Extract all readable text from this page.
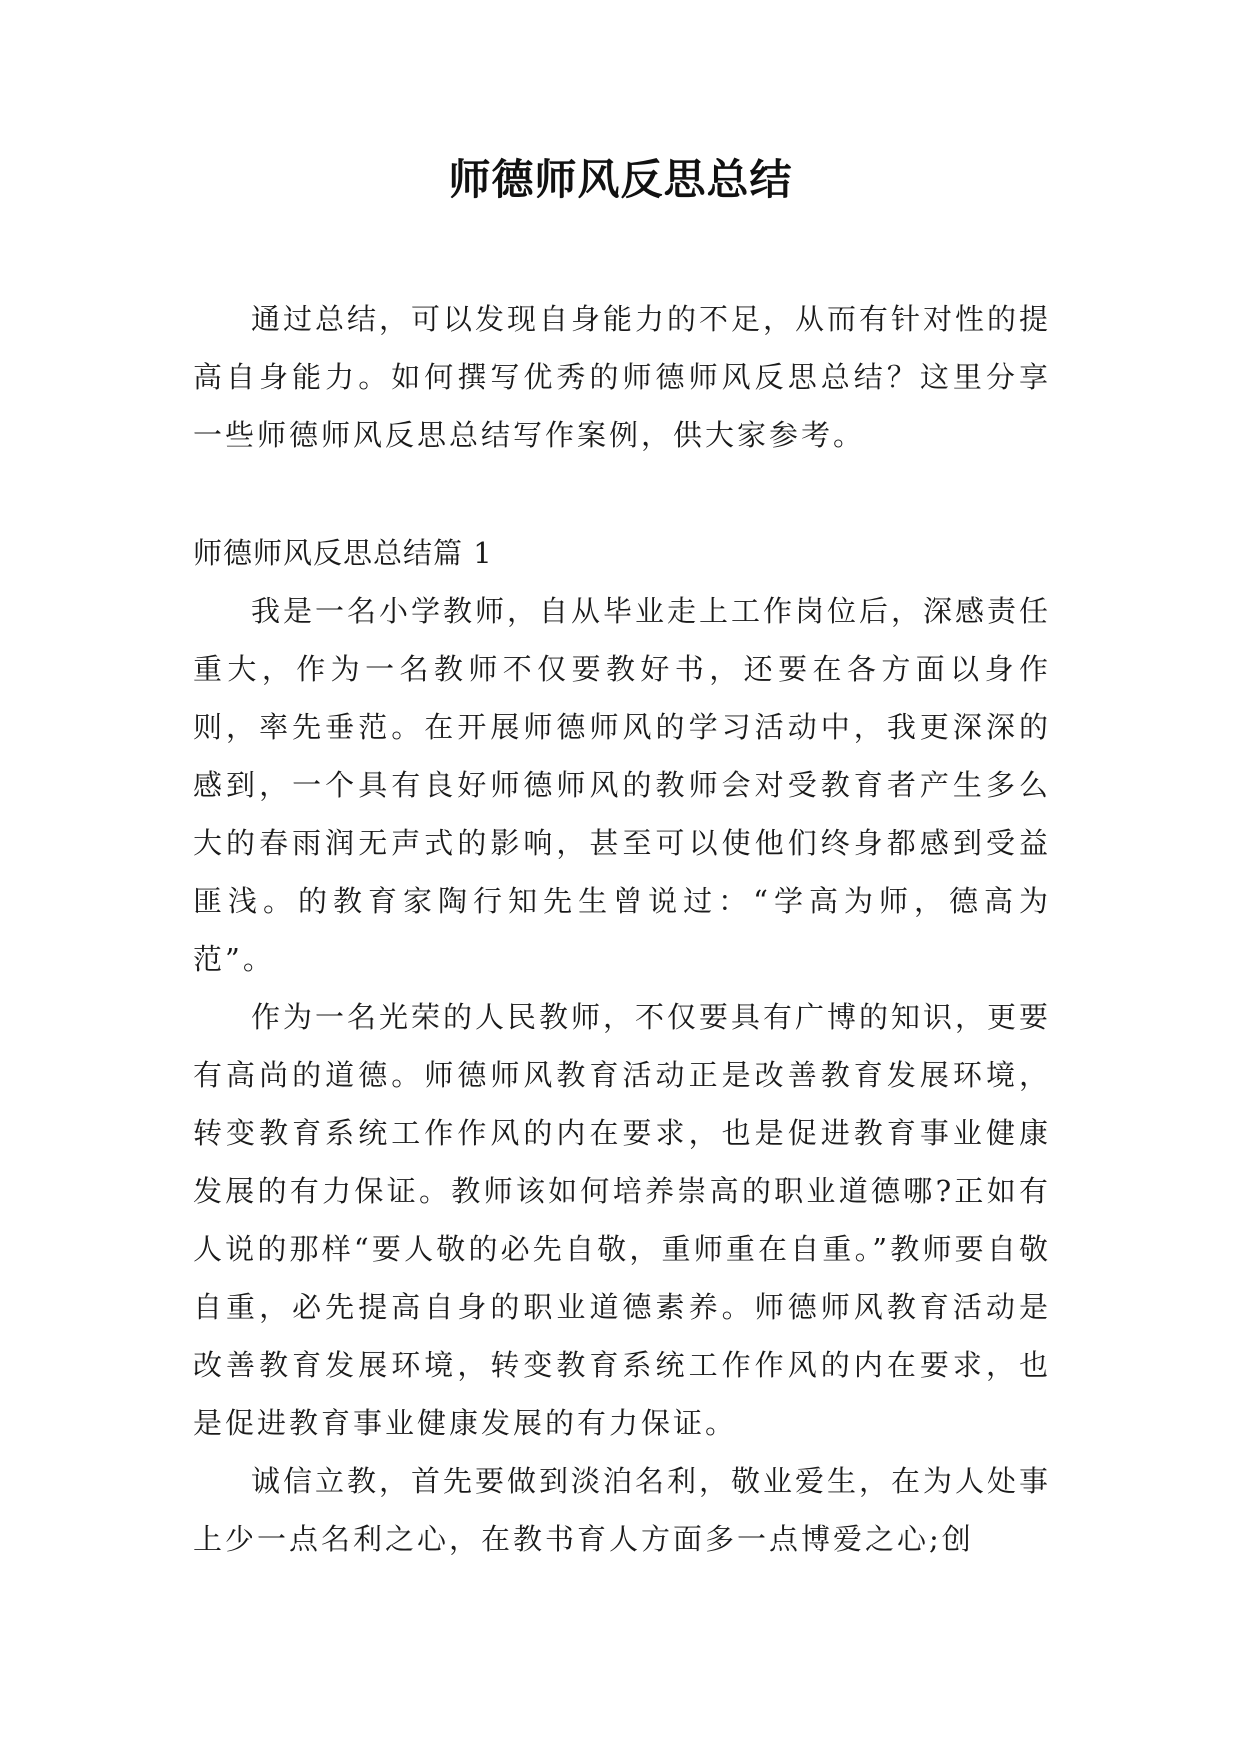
师德师风反思总结

通过总结，可以发现自身能力的不足，从而有针对性的提高自身能力。如何撰写优秀的师德师风反思总结？这里分享一些师德师风反思总结写作案例，供大家参考。

师德师风反思总结篇 1

我是一名小学教师，自从毕业走上工作岗位后，深感责任重大，作为一名教师不仅要教好书，还要在各方面以身作则，率先垂范。在开展师德师风的学习活动中，我更深深的感到，一个具有良好师德师风的教师会对受教育者产生多么大的春雨润无声式的影响，甚至可以使他们终身都感到受益匪浅。的教育家陶行知先生曾说过：“学高为师，德高为范”。

作为一名光荣的人民教师，不仅要具有广博的知识，更要有高尚的道德。师德师风教育活动正是改善教育发展环境，转变教育系统工作作风的内在要求，也是促进教育事业健康发展的有力保证。教师该如何培养崇高的职业道德哪?正如有人说的那样“要人敬的必先自敬，重师重在自重。”教师要自敬自重，必先提高自身的职业道德素养。师德师风教育活动是改善教育发展环境，转变教育系统工作作风的内在要求，也是促进教育事业健康发展的有力保证。

诚信立教，首先要做到淡泊名利，敬业爱生，在为人处事上少一点名利之心，在教书育人方面多一点博爱之心;创
